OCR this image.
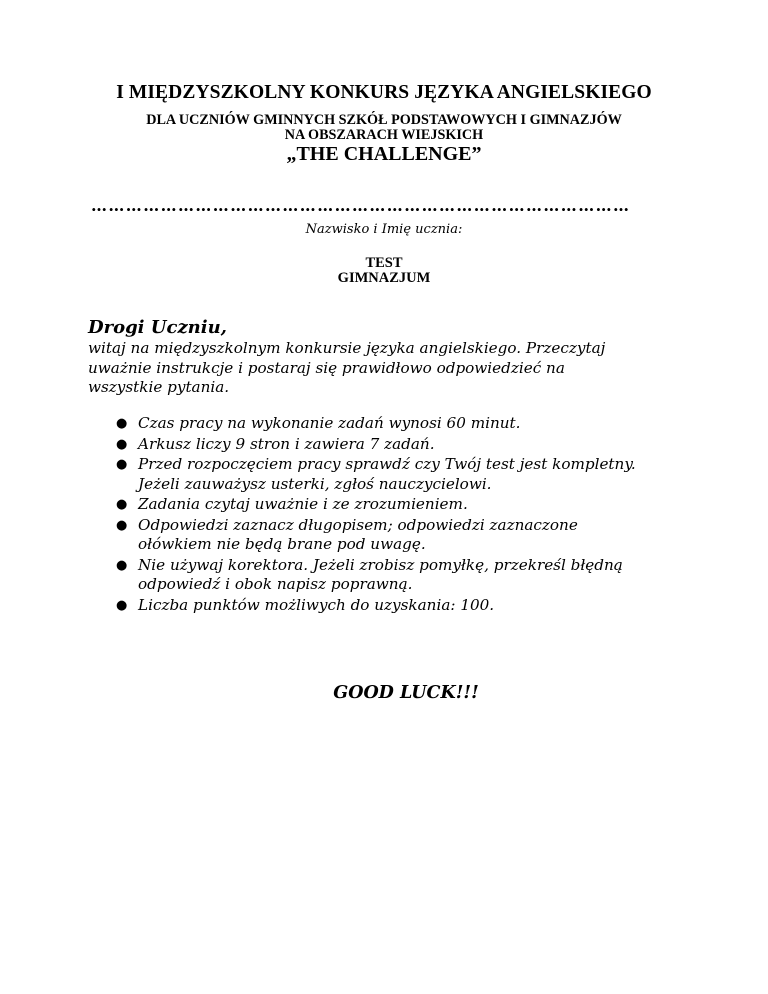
I MIĘDZYSZKOLNY KONKURS JĘZYKA ANGIELSKIEGO
DLA UCZNIÓW GMINNYCH SZKÓŁ PODSTAWOWYCH I GIMNAZJÓW
NA OBSZARACH WIEJSKICH
„THE CHALLENGE”
…………………………………………………………………………………
Nazwisko i Imię ucznia:
TEST
GIMNAZJUM
Drogi Uczniu,
witaj na międzyszkolnym konkursie języka angielskiego. Przeczytaj
uważnie instrukcje i postaraj się prawidłowo odpowiedzieć na
wszystkie pytania.
● Czas pracy na wykonanie zadań wynosi 60 minut.
● Arkusz liczy 9 stron i zawiera 7 zadań.
● Przed rozpoczęciem pracy sprawdź czy Twój test jest kompletny.
Jeżeli zauważysz usterki, zgłoś nauczycielowi.
● Zadania czytaj uważnie i ze zrozumieniem.
● Odpowiedzi zaznacz długopisem; odpowiedzi zaznaczone
ołówkiem nie będą brane pod uwagę.
● Nie używaj korektora. Jeżeli zrobisz pomyłkę, przekreśl błędną
odpowiedź i obok napisz poprawną.
● Liczba punktów możliwych do uzyskania: 100.
GOOD LUCK!!!
